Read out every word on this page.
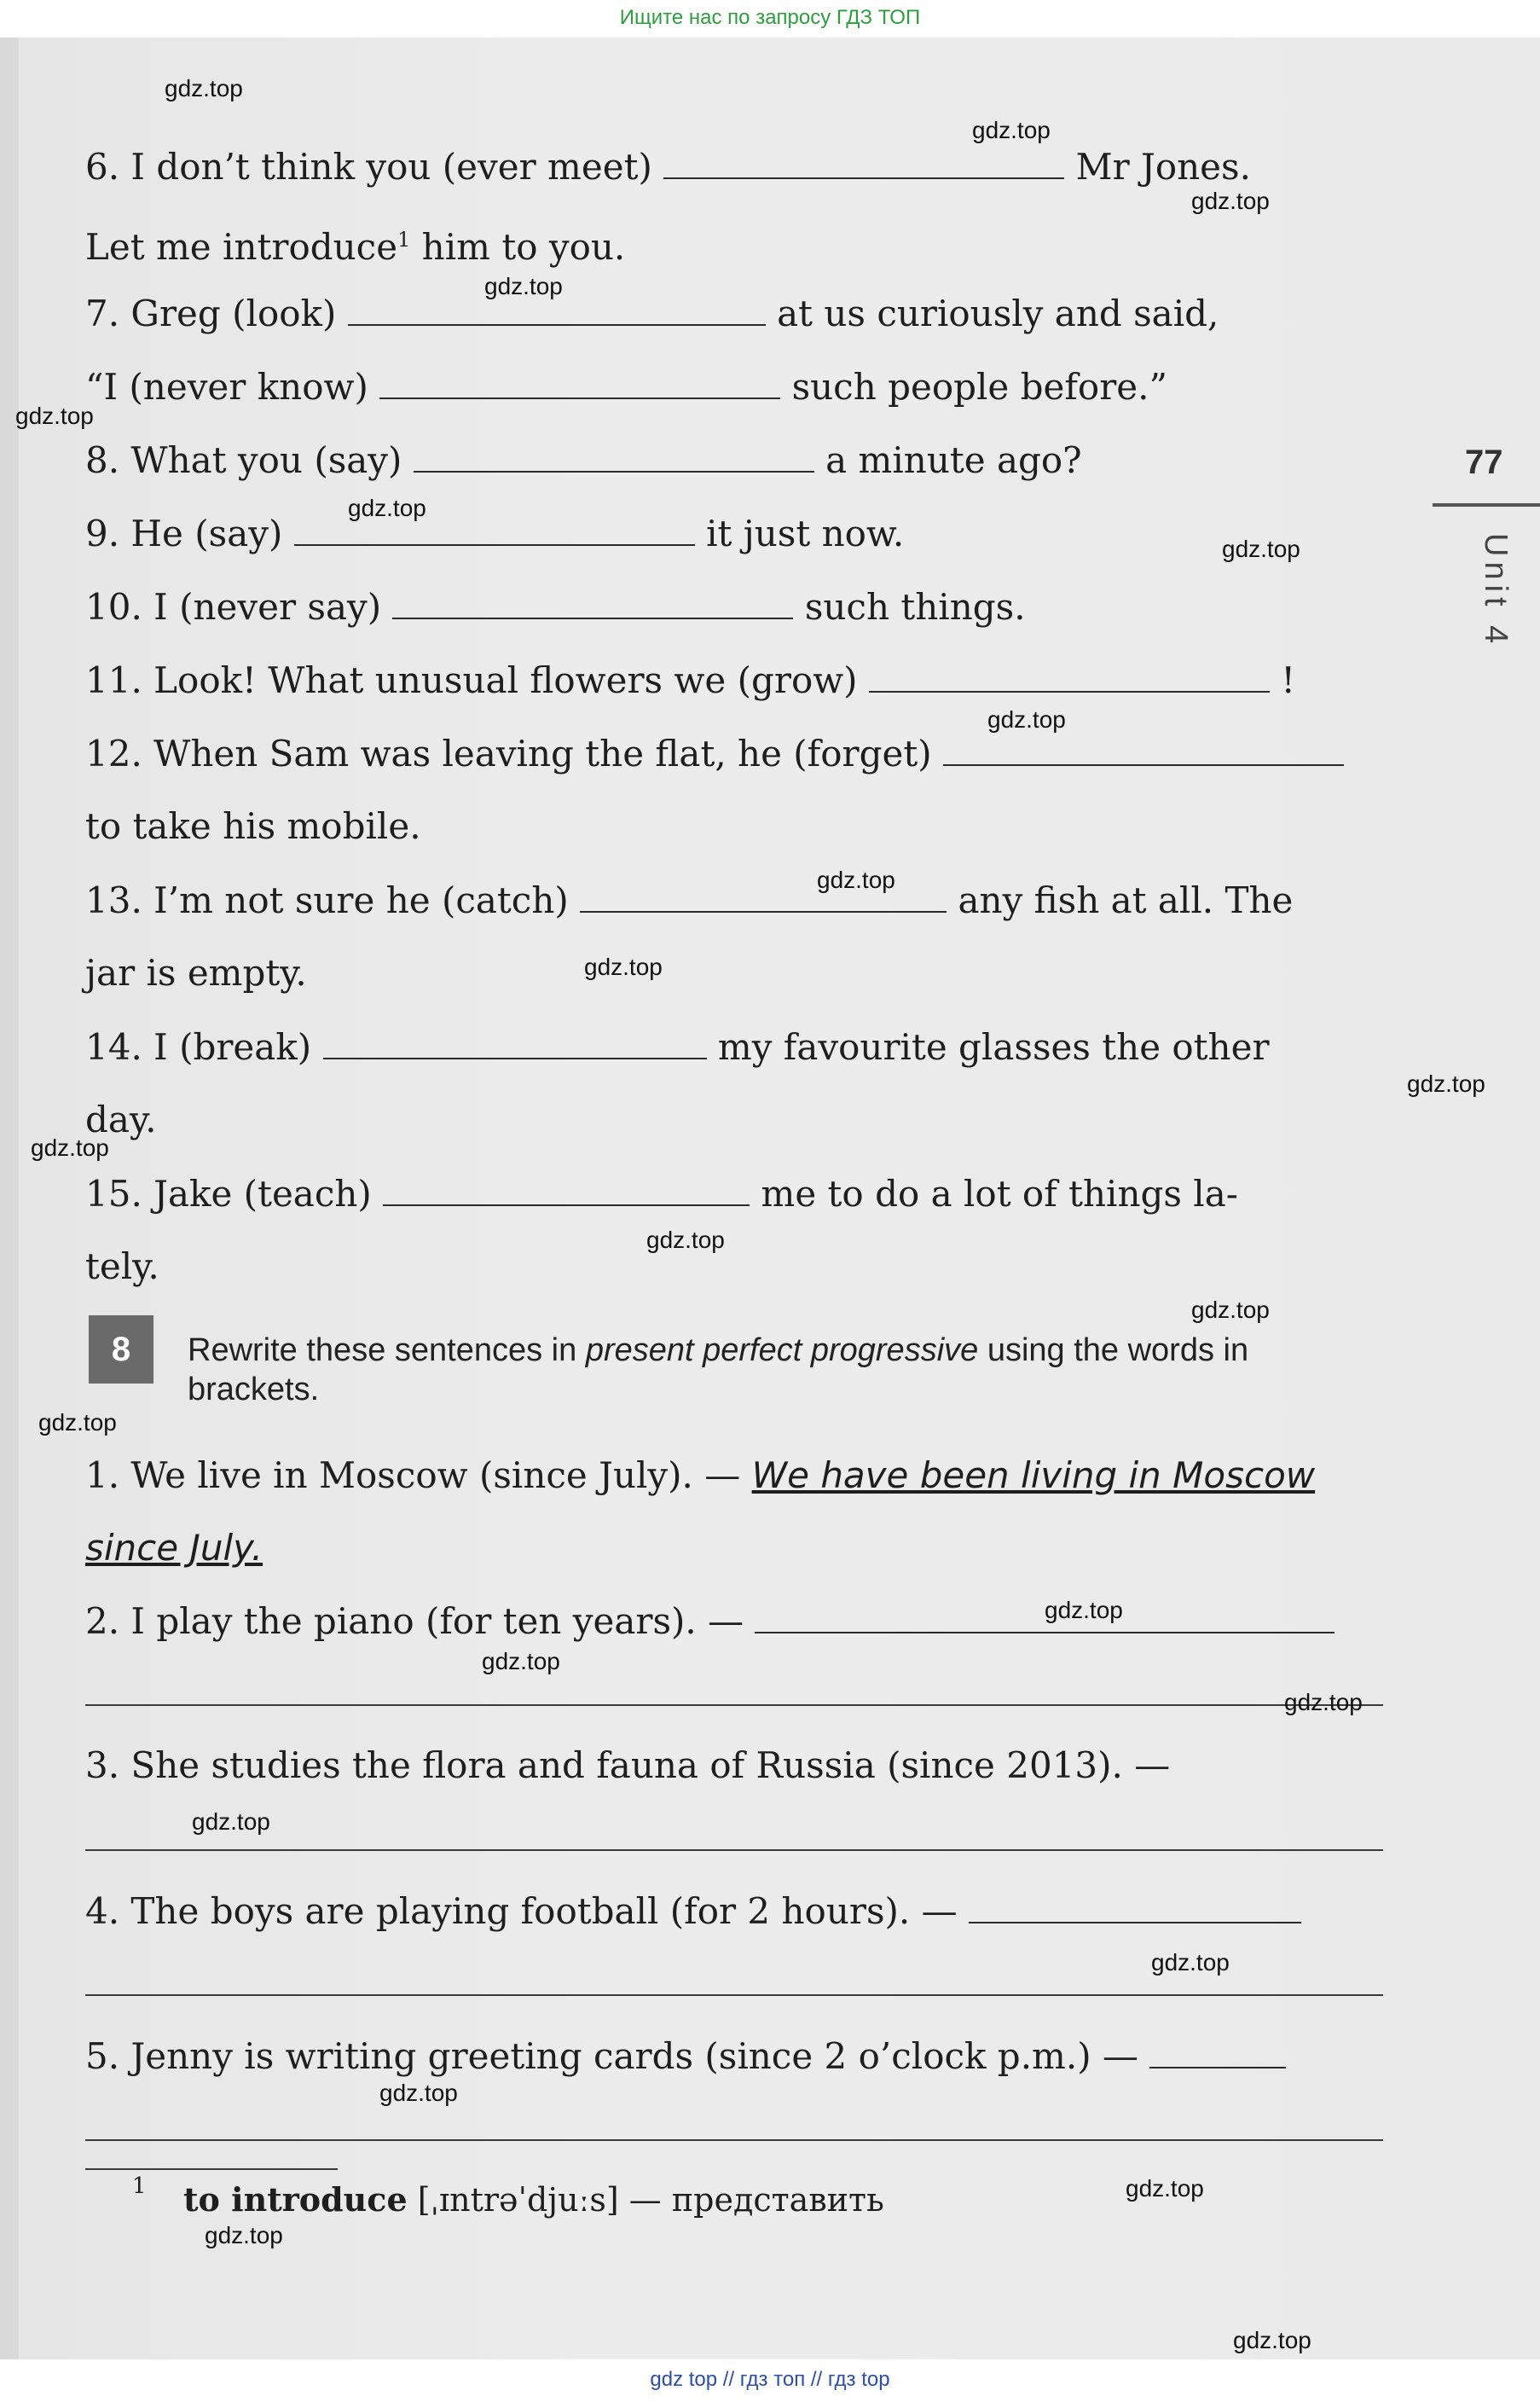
Ищите нас по запросу ГДЗ ТОП

6. I don’t think you (ever meet)	Mr Jones.
Let me introduce$^1$ him to you.
7. Greg (look)	at us curiously and said,
“I (never know)	such people before.”
8. What you (say)	a minute ago?
9. He (say)	it just now.
10. I (never say)	such things.
11. Look! What unusual flowers we (grow)	!
12. When Sam was leaving the flat, he (forget)
to take his mobile.
13. I’m not sure he (catch)	any fish at all. The
jar is empty.
14. I (break)	my favourite glasses the other
day.
15. Jake (teach)	me to do a lot of things la-
tely.
8	Rewrite these sentences in present perfect progressive using the words in brackets.
1. We live in Moscow (since July). — We have been living in Moscow
since July.
2. I play the piano (for ten years). —
3. She studies the flora and fauna of Russia (since 2013). —
4. The boys are playing football (for 2 hours). —
5. Jenny is writing greeting cards (since 2 o’clock p.m.) —
1 to introduce [ˌɪntrəˈdjuːs] — представить
77
Unit 4
gdz.top
gdz.top
gdz.top
gdz.top
gdz.top
gdz.top
gdz.top
gdz.top
gdz.top
gdz.top
gdz.top
gdz.top
gdz.top
gdz.top
gdz.top
gdz.top
gdz.top
gdz.top
gdz.top
gdz.top
gdz.top
gdz.top
gdz.top
gdz.top
gdz top // гдз топ // гдз top
